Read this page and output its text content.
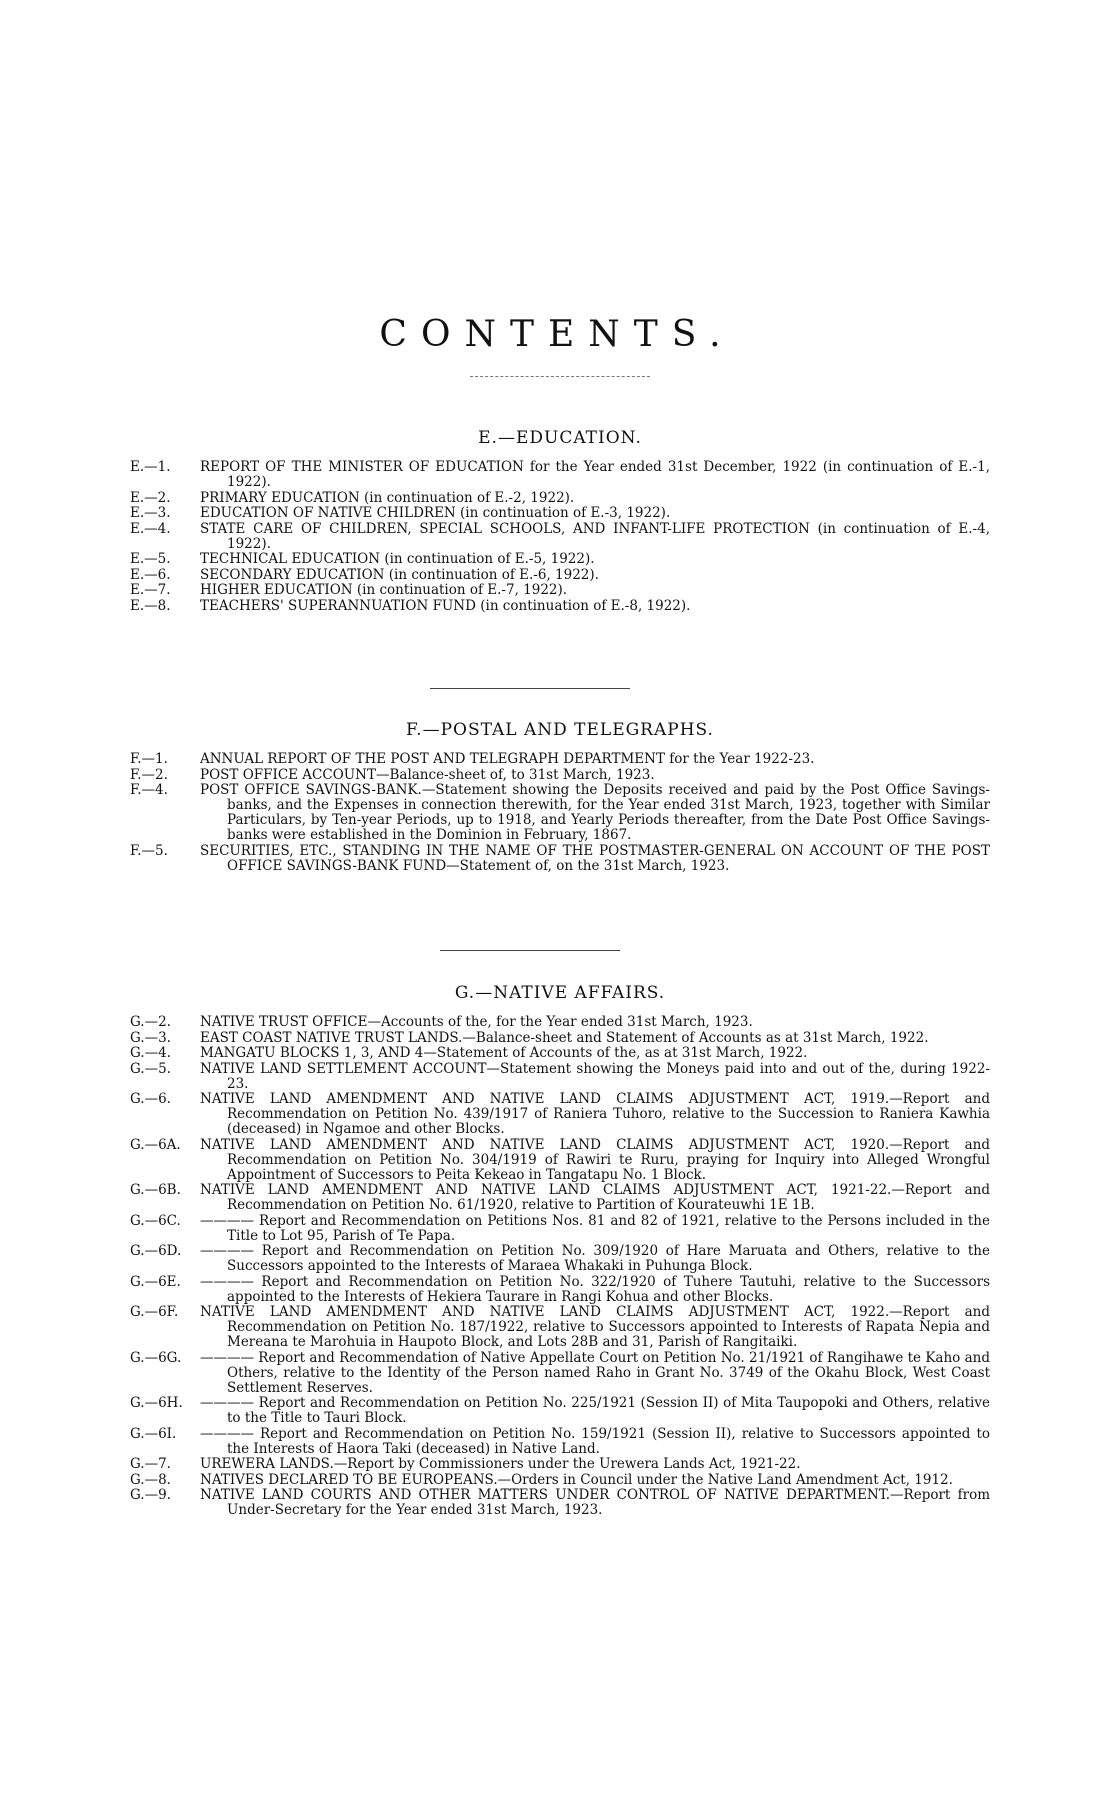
CONTENTS.
E.—EDUCATION.
E.—1.	REPORT OF THE MINISTER OF EDUCATION for the Year ended 31st December, 1922 (in continuation of E.-1, 1922).
E.—2.	PRIMARY EDUCATION (in continuation of E.-2, 1922).
E.—3.	EDUCATION OF NATIVE CHILDREN (in continuation of E.-3, 1922).
E.—4.	STATE CARE OF CHILDREN, SPECIAL SCHOOLS, AND INFANT-LIFE PROTECTION (in continuation of E.-4, 1922).
E.—5.	TECHNICAL EDUCATION (in continuation of E.-5, 1922).
E.—6.	SECONDARY EDUCATION (in continuation of E.-6, 1922).
E.—7.	HIGHER EDUCATION (in continuation of E.-7, 1922).
E.—8.	TEACHERS' SUPERANNUATION FUND (in continuation of E.-8, 1922).
F.—POSTAL AND TELEGRAPHS.
F.—1.	ANNUAL REPORT OF THE POST AND TELEGRAPH DEPARTMENT for the Year 1922-23.
F.—2.	POST OFFICE ACCOUNT—Balance-sheet of, to 31st March, 1923.
F.—4.	POST OFFICE SAVINGS-BANK.—Statement showing the Deposits received and paid by the Post Office Savings-banks, and the Expenses in connection therewith, for the Year ended 31st March, 1923, together with Similar Particulars, by Ten-year Periods, up to 1918, and Yearly Periods thereafter, from the Date Post Office Savings-banks were established in the Dominion in February, 1867.
F.—5.	SECURITIES, ETC., STANDING IN THE NAME OF THE POSTMASTER-GENERAL ON ACCOUNT OF THE POST OFFICE SAVINGS-BANK FUND—Statement of, on the 31st March, 1923.
G.—NATIVE AFFAIRS.
G.—2.	NATIVE TRUST OFFICE—Accounts of the, for the Year ended 31st March, 1923.
G.—3.	EAST COAST NATIVE TRUST LANDS.—Balance-sheet and Statement of Accounts as at 31st March, 1922.
G.—4.	MANGATU BLOCKS 1, 3, AND 4—Statement of Accounts of the, as at 31st March, 1922.
G.—5.	NATIVE LAND SETTLEMENT ACCOUNT—Statement showing the Moneys paid into and out of the, during 1922-23.
G.—6.	NATIVE LAND AMENDMENT AND NATIVE LAND CLAIMS ADJUSTMENT ACT, 1919.—Report and Recommendation on Petition No. 439/1917 of Raniera Tuhoro, relative to the Succession to Raniera Kawhia (deceased) in Ngamoe and other Blocks.
G.—6A.	NATIVE LAND AMENDMENT AND NATIVE LAND CLAIMS ADJUSTMENT ACT, 1920.—Report and Recommendation on Petition No. 304/1919 of Rawiri te Ruru, praying for Inquiry into Alleged Wrongful Appointment of Successors to Peita Kekeao in Tangatapu No. 1 Block.
G.—6B.	NATIVE LAND AMENDMENT AND NATIVE LAND CLAIMS ADJUSTMENT ACT, 1921-22.—Report and Recommendation on Petition No. 61/1920, relative to Partition of Kourateuwhi 1E 1B.
G.—6C.	———— Report and Recommendation on Petitions Nos. 81 and 82 of 1921, relative to the Persons included in the Title to Lot 95, Parish of Te Papa.
G.—6D.	———— Report and Recommendation on Petition No. 309/1920 of Hare Maruata and Others, relative to the Successors appointed to the Interests of Maraea Whakaki in Puhunga Block.
G.—6E.	———— Report and Recommendation on Petition No. 322/1920 of Tuhere Tautuhi, relative to the Successors appointed to the Interests of Hekiera Taurare in Rangi Kohua and other Blocks.
G.—6F.	NATIVE LAND AMENDMENT AND NATIVE LAND CLAIMS ADJUSTMENT ACT, 1922.—Report and Recommendation on Petition No. 187/1922, relative to Successors appointed to Interests of Rapata Nepia and Mereana te Marohuia in Haupoto Block, and Lots 28B and 31, Parish of Rangitaiki.
G.—6G.	———— Report and Recommendation of Native Appellate Court on Petition No. 21/1921 of Rangihawe te Kaho and Others, relative to the Identity of the Person named Raho in Grant No. 3749 of the Okahu Block, West Coast Settlement Reserves.
G.—6H.	———— Report and Recommendation on Petition No. 225/1921 (Session II) of Mita Taupopoki and Others, relative to the Title to Tauri Block.
G.—6I.	———— Report and Recommendation on Petition No. 159/1921 (Session II), relative to Successors appointed to the Interests of Haora Taki (deceased) in Native Land.
G.—7.	UREWERA LANDS.—Report by Commissioners under the Urewera Lands Act, 1921-22.
G.—8.	NATIVES DECLARED TO BE EUROPEANS.—Orders in Council under the Native Land Amendment Act, 1912.
G.—9.	NATIVE LAND COURTS AND OTHER MATTERS UNDER CONTROL OF NATIVE DEPARTMENT.—Report from Under-Secretary for the Year ended 31st March, 1923.
